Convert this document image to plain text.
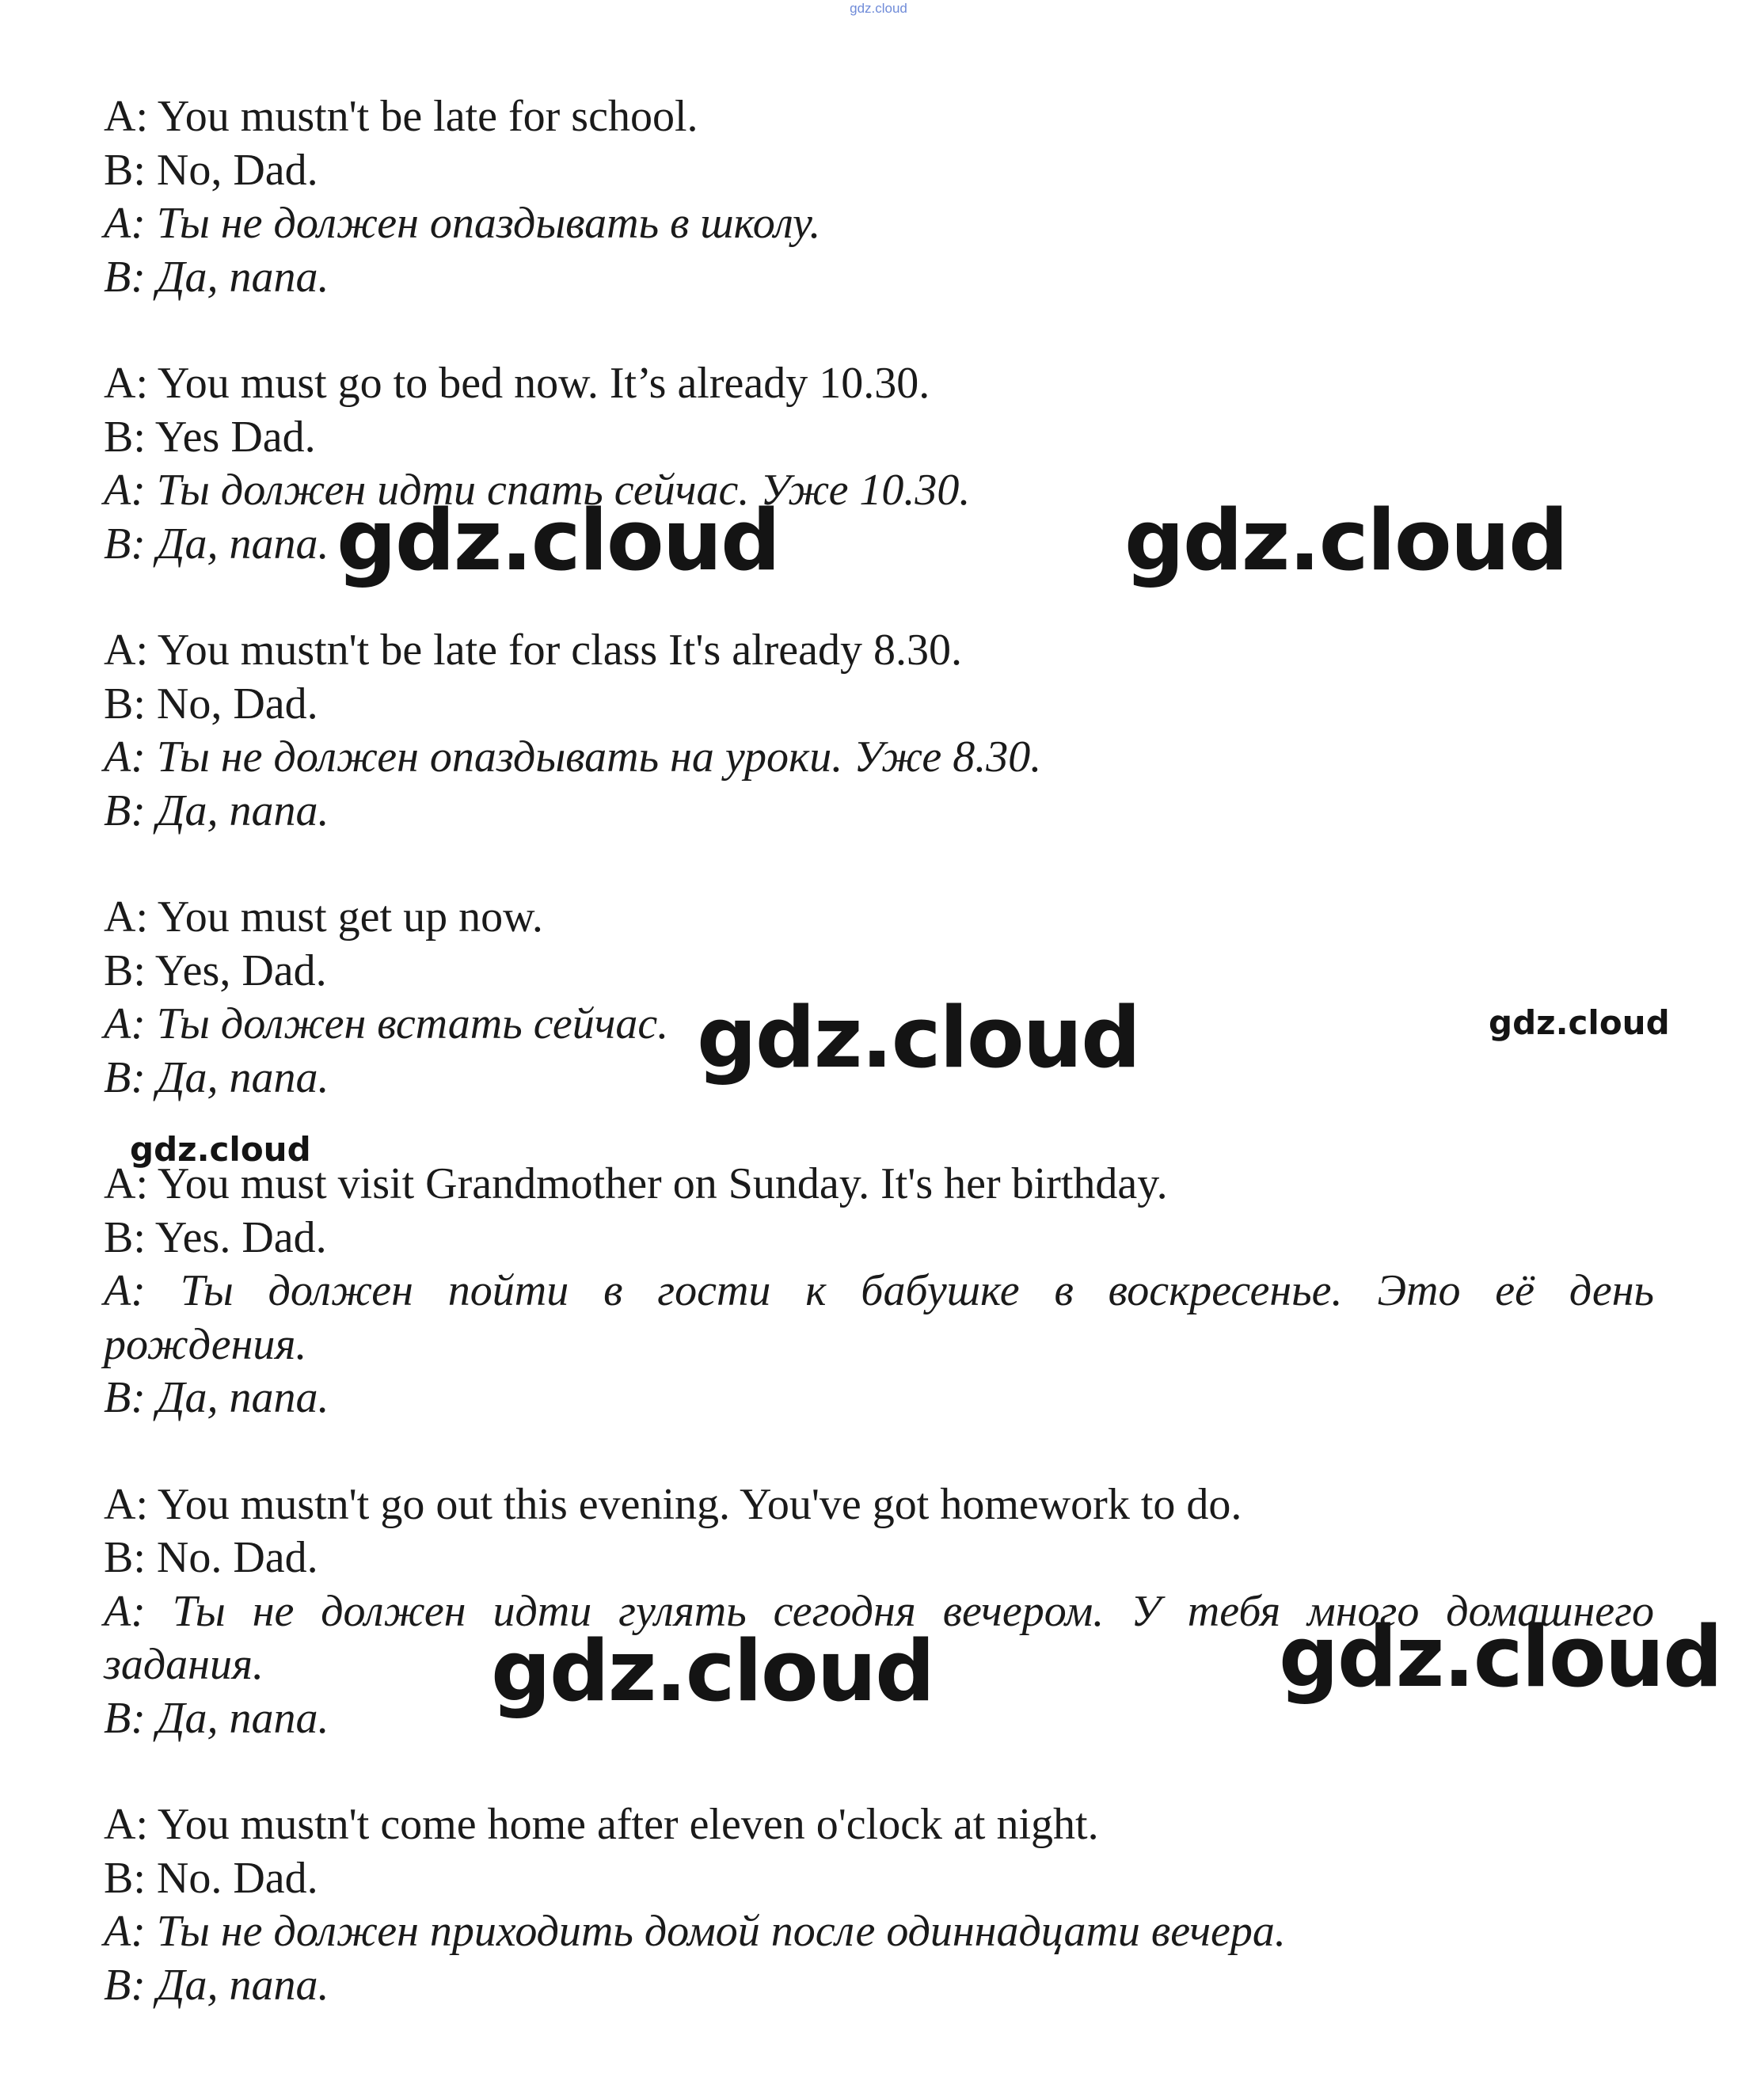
gdz.cloud

A: You mustn't be late for school.

B: No, Dad.

A: Ты не должен опаздывать в школу.

B: Да, папа.

A: You must go to bed now. It’s already 10.30.

B: Yes Dad.

A: Ты должен идти спать сейчас. Уже 10.30.

B: Да, папа.

A: You mustn't be late for class It's already 8.30.

B: No, Dad.

A: Ты не должен опаздывать на уроки. Уже 8.30.

B: Да, папа.

A: You must get up now.

B: Yes, Dad.

A: Ты должен встать сейчас.

B: Да, папа.

A: You must visit Grandmother on Sunday. It's her birthday.

B: Yes. Dad.

A: Ты должен пойти в гости к бабушке в воскресенье. Это её день

рождения.

B: Да, папа.

A: You mustn't go out this evening. You've got homework to do.

B: No. Dad.

A: Ты не должен идти гулять сегодня вечером. У тебя много домашнего

задания.

B: Да, папа.

A: You mustn't come home after eleven o'clock at night.

B: No. Dad.

A: Ты не должен приходить домой после одиннадцати вечера.

B: Да, папа.

gdz.cloud	gdz.cloud
gdz.cloud	gdz.cloud
gdz.cloud
gdz.cloud	gdz.cloud
